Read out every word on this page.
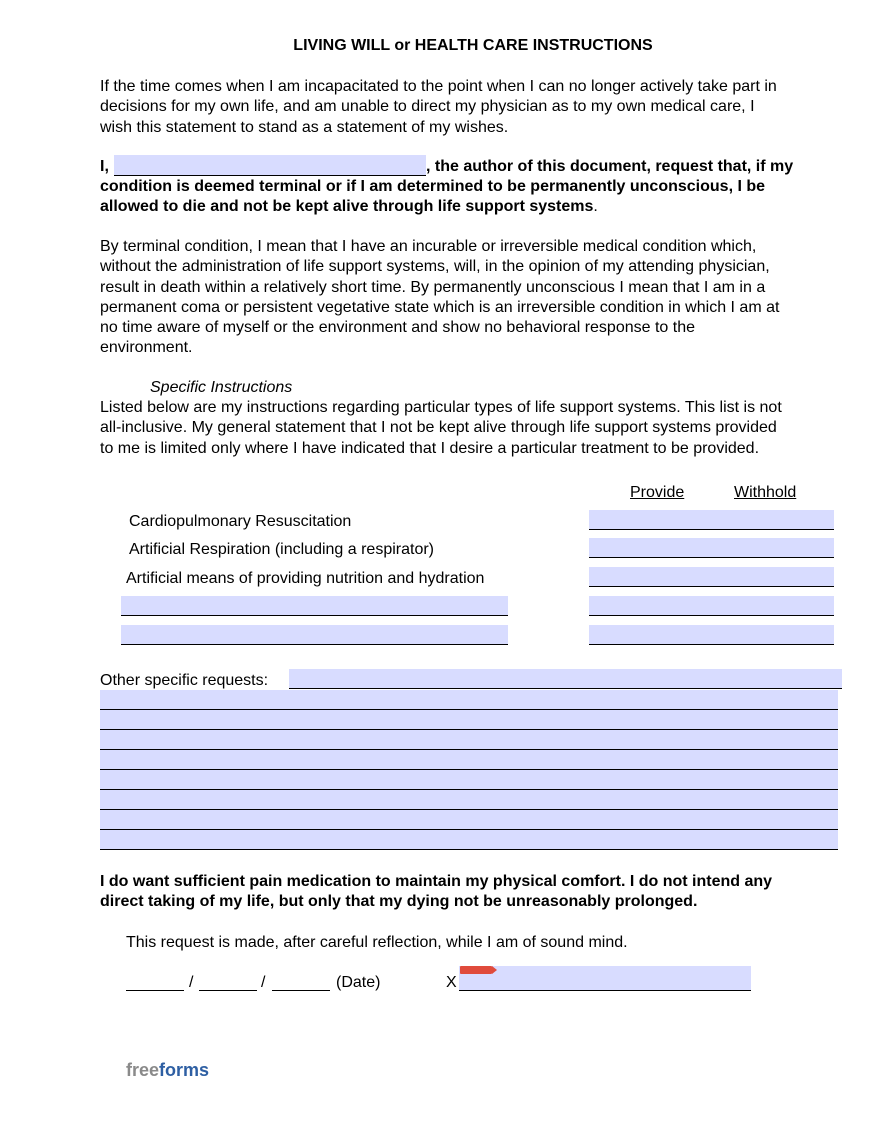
LIVING WILL or HEALTH CARE INSTRUCTIONS
If the time comes when I am incapacitated to the point when I can no longer actively take part in
decisions for my own life, and am unable to direct my physician as to my own medical care, I
wish this statement to stand as a statement of my wishes.
I,	, the author of this document, request that, if my
condition is deemed terminal or if I am determined to be permanently unconscious, I be
allowed to die and not be kept alive through life support systems.
By terminal condition, I mean that I have an incurable or irreversible medical condition which,
without the administration of life support systems, will, in the opinion of my attending physician,
result in death within a relatively short time. By permanently unconscious I mean that I am in a
permanent coma or persistent vegetative state which is an irreversible condition in which I am at
no time aware of myself or the environment and show no behavioral response to the
environment.
Specific Instructions
Listed below are my instructions regarding particular types of life support systems. This list is not
all-inclusive. My general statement that I not be kept alive through life support systems provided
to me is limited only where I have indicated that I desire a particular treatment to be provided.
Provide	Withhold
Cardiopulmonary Resuscitation
Artificial Respiration (including a respirator)
Artificial means of providing nutrition and hydration
Other specific requests:
I do want sufficient pain medication to maintain my physical comfort. I do not intend any
direct taking of my life, but only that my dying not be unreasonably prolonged.
This request is made, after careful reflection, while I am of sound mind.
/	/	(Date)	X
freeforms
